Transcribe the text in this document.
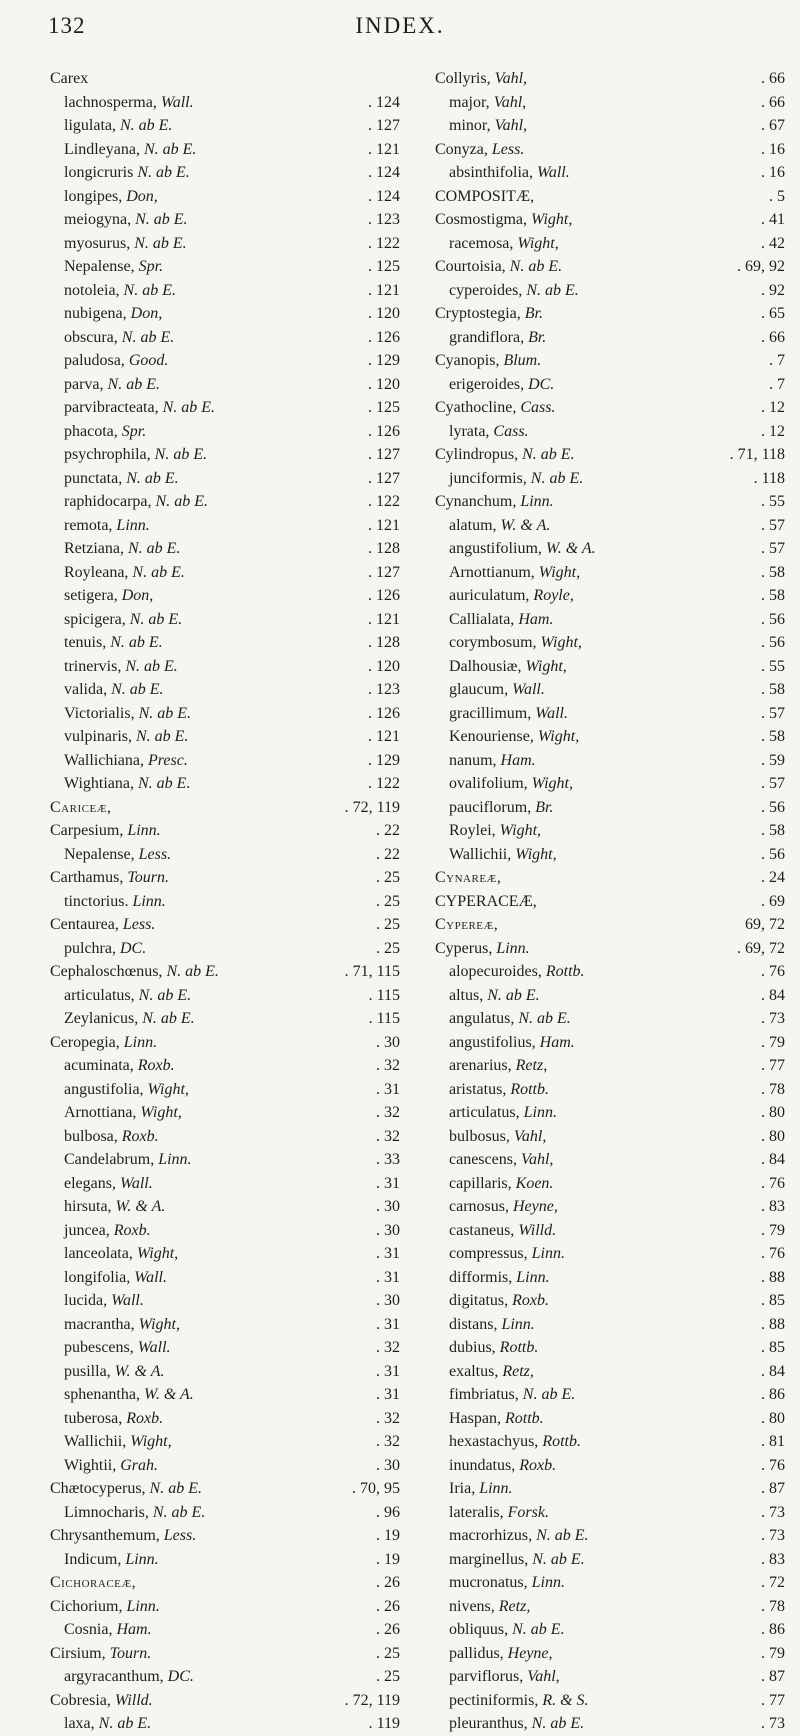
132	INDEX.
Carex
lachnosperma, Wall.	. 124
ligulata, N. ab E.	. 127
Lindleyana, N. ab E.	. 121
longicruris N. ab E.	. 124
longipes, Don,	. 124
meiogyna, N. ab E.	. 123
myosurus, N. ab E.	. 122
Nepalense, Spr.	. 125
notoleia, N. ab E.	. 121
nubigena, Don,	. 120
obscura, N. ab E.	. 126
paludosa, Good.	. 129
parva, N. ab E.	. 120
parvibracteata, N. ab E.	. 125
phacota, Spr.	. 126
psychrophila, N. ab E.	. 127
punctata, N. ab E.	. 127
raphidocarpa, N. ab E.	. 122
remota, Linn.	. 121
Retziana, N. ab E.	. 128
Royleana, N. ab E.	. 127
setigera, Don,	. 126
spicigera, N. ab E.	. 121
tenuis, N. ab E.	. 128
trinervis, N. ab E.	. 120
valida, N. ab E.	. 123
Victorialis, N. ab E.	. 126
vulpinaris, N. ab E.	. 121
Wallichiana, Presc.	. 129
Wightiana, N. ab E.	. 122
Cariceæ,	. 72, 119
Carpesium, Linn.	. 22
Nepalense, Less.	. 22
Carthamus, Tourn.	. 25
tinctorius. Linn.	. 25
Centaurea, Less.	. 25
pulchra, DC.	. 25
Cephaloschœnus, N. ab E.	. 71, 115
articulatus, N. ab E.	. 115
Zeylanicus, N. ab E.	. 115
Ceropegia, Linn.	. 30
acuminata, Roxb.	. 32
angustifolia, Wight,	. 31
Arnottiana, Wight,	. 32
bulbosa, Roxb.	. 32
Candelabrum, Linn.	. 33
elegans, Wall.	. 31
hirsuta, W. & A.	. 30
juncea, Roxb.	. 30
lanceolata, Wight,	. 31
longifolia, Wall.	. 31
lucida, Wall.	. 30
macrantha, Wight,	. 31
pubescens, Wall.	. 32
pusilla, W. & A.	. 31
sphenantha, W. & A.	. 31
tuberosa, Roxb.	. 32
Wallichii, Wight,	. 32
Wightii, Grah.	. 30
Chætocyperus, N. ab E.	. 70, 95
Limnocharis, N. ab E.	. 96
Chrysanthemum, Less.	. 19
Indicum, Linn.	. 19
Cichoraceæ,	. 26
Cichorium, Linn.	. 26
Cosnia, Ham.	. 26
Cirsium, Tourn.	. 25
argyracanthum, DC.	. 25
Cobresia, Willd.	. 72, 119
laxa, N. ab E.	. 119
Collyris, Vahl,	. 66
major, Vahl,	. 66
minor, Vahl,	. 67
Conyza, Less.	. 16
absinthifolia, Wall.	. 16
COMPOSITÆ,	. 5
Cosmostigma, Wight,	. 41
racemosa, Wight,	. 42
Courtoisia, N. ab E.	. 69, 92
cyperoides, N. ab E.	. 92
Cryptostegia, Br.	. 65
grandiflora, Br.	. 66
Cyanopis, Blum.	. 7
erigeroides, DC.	. 7
Cyathocline, Cass.	. 12
lyrata, Cass.	. 12
Cylindropus, N. ab E.	. 71, 118
junciformis, N. ab E.	. 118
Cynanchum, Linn.	. 55
alatum, W. & A.	. 57
angustifolium, W. & A.	. 57
Arnottianum, Wight,	. 58
auriculatum, Royle,	. 58
Callialata, Ham.	. 56
corymbosum, Wight,	. 56
Dalhousiæ, Wight,	. 55
glaucum, Wall.	. 58
gracillimum, Wall.	. 57
Kenouriense, Wight,	. 58
nanum, Ham.	. 59
ovalifolium, Wight,	. 57
pauciflorum, Br.	. 56
Roylei, Wight,	. 58
Wallichii, Wight,	. 56
Cynareæ,	. 24
CYPERACEÆ,	. 69
Cypereæ,	69, 72
Cyperus, Linn.	. 69, 72
alopecuroides, Rottb.	. 76
altus, N. ab E.	. 84
angulatus, N. ab E.	. 73
angustifolius, Ham.	. 79
arenarius, Retz,	. 77
aristatus, Rottb.	. 78
articulatus, Linn.	. 80
bulbosus, Vahl,	. 80
canescens, Vahl,	. 84
capillaris, Koen.	. 76
carnosus, Heyne,	. 83
castaneus, Willd.	. 79
compressus, Linn.	. 76
difformis, Linn.	. 88
digitatus, Roxb.	. 85
distans, Linn.	. 88
dubius, Rottb.	. 85
exaltus, Retz,	. 84
fimbriatus, N. ab E.	. 86
Haspan, Rottb.	. 80
hexastachyus, Rottb.	. 81
inundatus, Roxb.	. 76
Iria, Linn.	. 87
lateralis, Forsk.	. 73
macrorhizus, N. ab E.	. 73
marginellus, N. ab E.	. 83
mucronatus, Linn.	. 72
nivens, Retz,	. 78
obliquus, N. ab E.	. 86
pallidus, Heyne,	. 79
parviflorus, Vahl,	. 87
pectiniformis, R. & S.	. 77
pleuranthus, N. ab E.	. 73
